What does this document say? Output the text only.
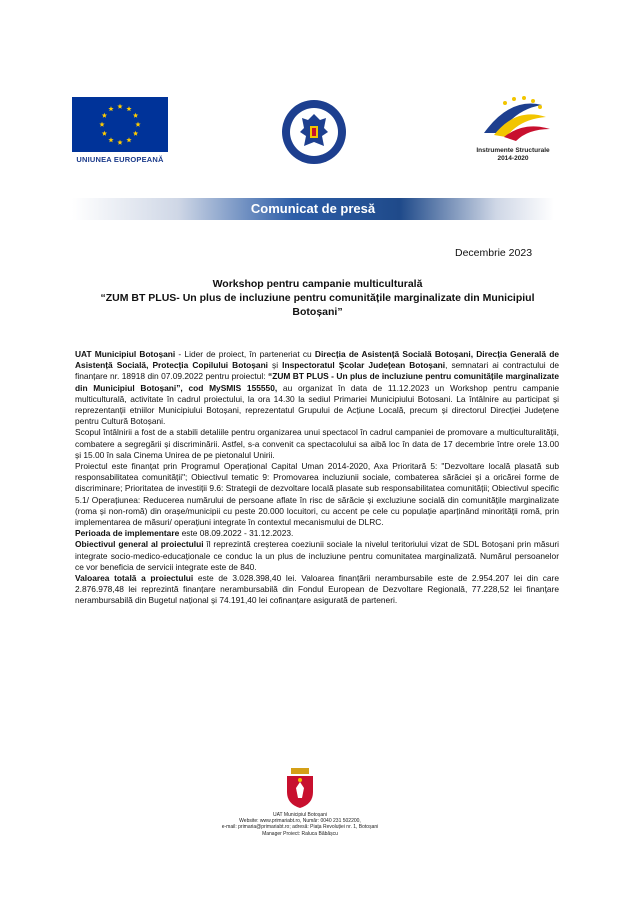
UNIUNEA EUROPEANĂ
Instrumente Structurale
2014-2020
Comunicat de presă
Decembrie 2023
Workshop pentru campanie multiculturală
“ZUM BT PLUS- Un plus de incluziune pentru comunitățile marginalizate din Municipiul
Botoșani”

UAT Municipiul Botoșani - Lider de proiect, în parteneriat cu Direcția de Asistență Socială Botoșani, Direcția Generală de Asistență Socială, Protecția Copilului Botoșani și Inspectoratul Școlar Județean Botoșani, semnatari ai contractului de finanțare nr. 18918 din 07.09.2022 pentru proiectul: “ZUM BT PLUS - Un plus de incluziune pentru comunitățile marginalizate din Municipiul Botoșani”, cod MySMIS 155550, au organizat în data de 11.12.2023 un Workshop pentru campanie multiculturală, activitate în cadrul proiectului, la ora 14.30 la sediul Primariei Municipiului Botosani. La întâlnire au participat și reprezentanții etniilor Municipiului Botoșani, reprezentatul Grupului de Acțiune Locală, precum și directorul Direcției Județene pentru Cultură Botoșani.

Scopul întâlnirii a fost de a stabili detaliile pentru organizarea unui spectacol în cadrul campaniei de promovare a multiculturalității, combatere a segregării și discriminării. Astfel, s-a convenit ca spectacolului sa aibă loc în data de 17 decembrie între orele 13.00 și 15.00 în sala Cinema Unirea de pe pietonalul Unirii.

Proiectul este finanțat prin Programul Operațional Capital Uman 2014-2020, Axa Prioritară 5: "Dezvoltare locală plasată sub responsabilitatea comunității"; Obiectivul tematic 9: Promovarea incluziunii sociale, combaterea sărăciei și a oricărei forme de discriminare; Prioritatea de investiții 9.6: Strategii de dezvoltare locală plasate sub responsabilitatea comunității; Obiectivul specific 5.1/ Operațiunea: Reducerea numărului de persoane aflate în risc de sărăcie și excluziune socială din comunitățile marginalizate (roma și non-romă) din orașe/municipii cu peste 20.000 locuitori, cu accent pe cele cu populație aparținând minorității romă, prin implementarea de măsuri/ operațiuni integrate în contextul mecanismului de DLRC.

Perioada de implementare este 08.09.2022 - 31.12.2023.

Obiectivul general al proiectului îl reprezintă creșterea coeziunii sociale la nivelul teritoriului vizat de SDL Botoșani prin măsuri integrate socio-medico-educaționale ce conduc la un plus de incluziune pentru comunitatea marginalizată. Numărul persoanelor ce vor beneficia de servicii integrate este de 840.

Valoarea totală a proiectului este de 3.028.398,40 lei. Valoarea finanțării nerambursabile este de 2.954.207 lei din care 2.876.978,48 lei reprezintă finanțare nerambursabilă din Fondul European de Dezvoltare Regională, 77.228,52 lei finanțare nerambursabilă din Bugetul național și 74.191,40 lei cofinanțare asigurată de parteneri.

UAT Municipiul Botoșani
Website: www.primariabt.ro, Număr: 0040 231 502200,
e-mail: primaria@primariabt.ro; adresă: Piața Revoluției nr. 1, Botoșani
Manager Proiect: Raluca Băbășcu
